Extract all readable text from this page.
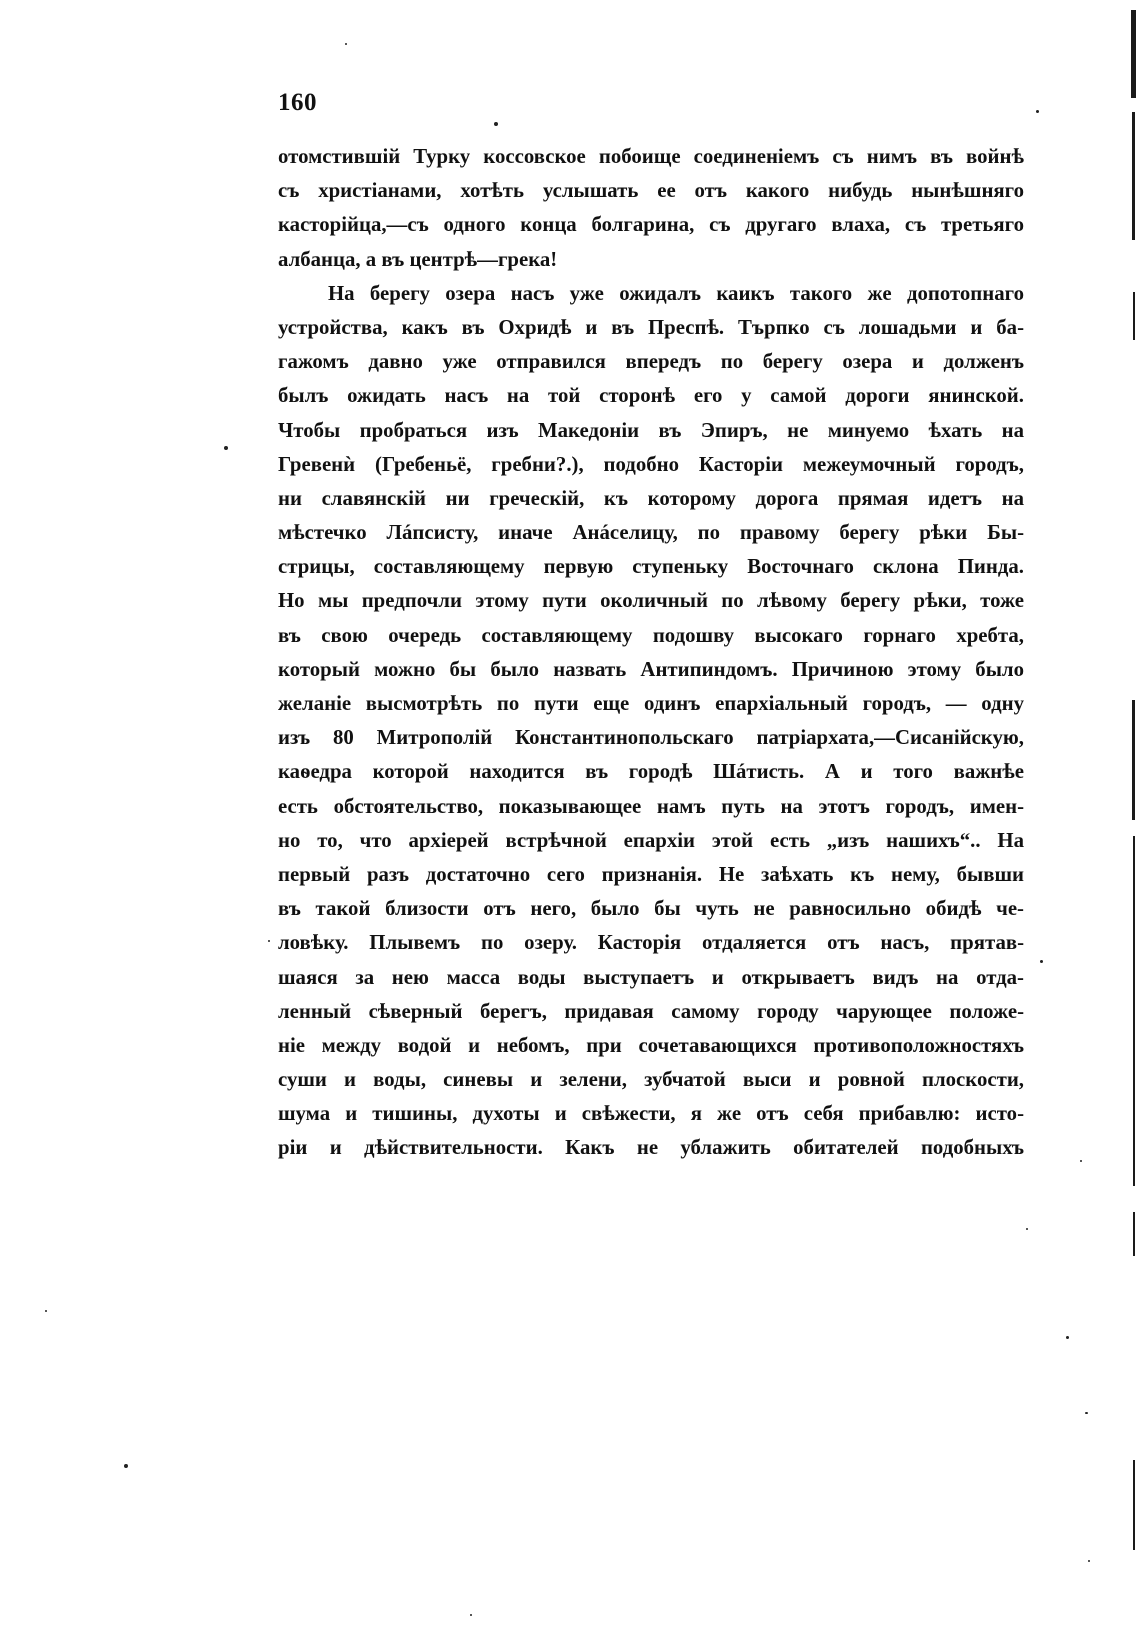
160
отомстившій Турку коссовское побоище соединеніемъ съ нимъ въ войнѣ
съ христіанами, хотѣть услышать ее отъ какого нибудь нынѣшняго
касторійца,—съ одного конца болгарина, съ другаго влаха, съ третьяго
албанца, а въ центрѣ—грека!
На берегу озера насъ уже ожидалъ каикъ такого же допотопнаго
устройства, какъ въ Охридѣ и въ Преспѣ. Търпко съ лошадьми и ба-
гажомъ давно уже отправился впередъ по берегу озера и долженъ
былъ ожидать насъ на той сторонѣ его у самой дороги янинской.
Чтобы пробраться изъ Македоніи въ Эпиръ, не минуемо ѣхать на
Гревенѝ (Гребеньё, гребни?.), подобно Касторіи межеумочный городъ,
ни славянскій ни греческій, къ которому дорога прямая идетъ на
мѣстечко Лáпсисту, иначе Анáселицу, по правому берегу рѣки Бы-
стрицы, составляющему первую ступеньку Восточнаго склона Пинда.
Но мы предпочли этому пути околичный по лѣвому берегу рѣки, тоже
въ свою очередь составляющему подошву высокаго горнаго хребта,
который можно бы было назвать Антипиндомъ. Причиною этому было
желаніе высмотрѣть по пути еще одинъ епархіальный городъ, — одну
изъ 80 Митрополій Константинопольскаго патріархата,—Сисанійскую,
каѳедра которой находится въ городѣ Шáтисть. А и того важнѣе
есть обстоятельство, показывающее намъ путь на этотъ городъ, имен-
но то, что архіерей встрѣчной епархіи этой есть „изъ нашихъ“.. На
первый разъ достаточно сего признанія. Не заѣхать къ нему, бывши
въ такой близости отъ него, было бы чуть не равносильно обидѣ че-
ловѣку. Плывемъ по озеру. Касторія отдаляется отъ насъ, прятав-
шаяся за нею масса воды выступаетъ и открываетъ видъ на отда-
ленный сѣверный берегъ, придавая самому городу чарующее положе-
ніе между водой и небомъ, при сочетавающихся противоположностяхъ
суши и воды, синевы и зелени, зубчатой выси и ровной плоскости,
шума и тишины, духоты и свѣжести, я же отъ себя прибавлю: исто-
ріи и дѣйствительности. Какъ не ублажить обитателей подобныхъ
